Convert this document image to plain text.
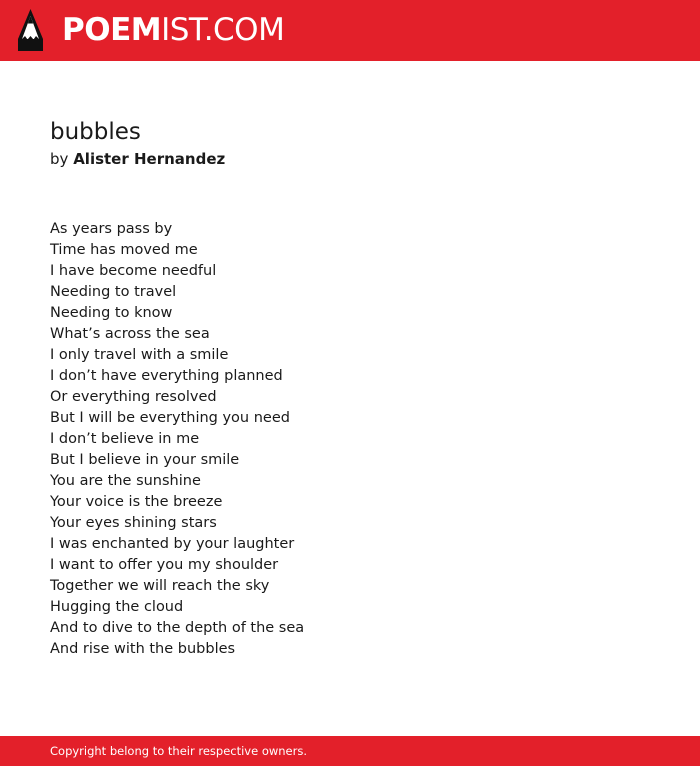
POEMIST.COM
bubbles
by Alister Hernandez
As years pass by
Time has moved me
I have become needful
Needing to travel
Needing to know
What’s across the sea
I only travel with a smile
I don’t have everything planned
Or everything resolved
But I will be everything you need
I don’t believe in me
But I believe in your smile
You are the sunshine
Your voice is the breeze
Your eyes shining stars
I was enchanted by your laughter
I want to offer you my shoulder
Together we will reach the sky
Hugging the cloud
And to dive to the depth of the sea
And rise with the bubbles
Copyright belong to their respective owners.
